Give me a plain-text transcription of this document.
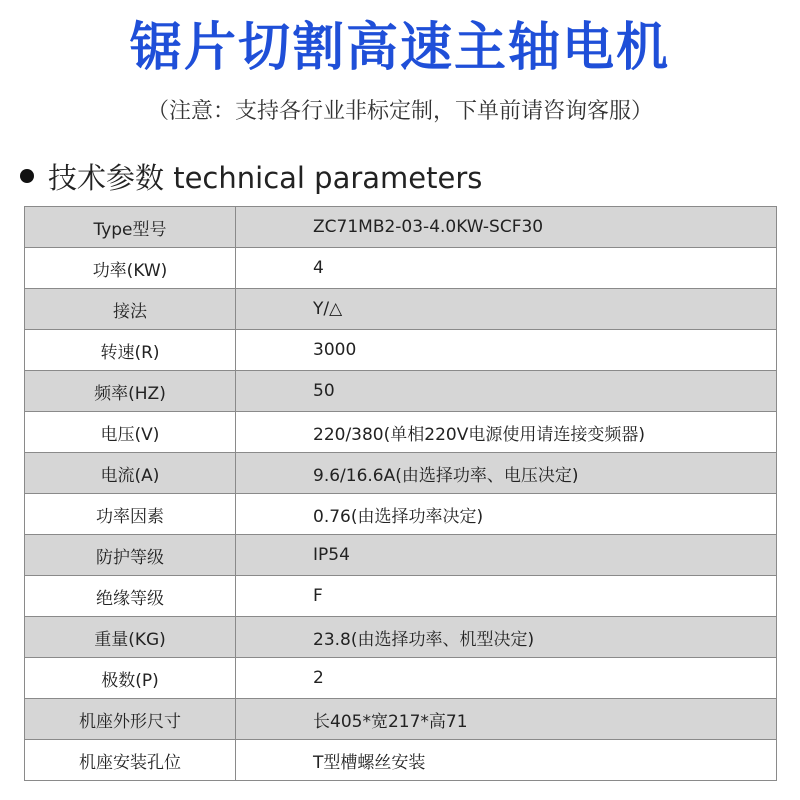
锯片切割高速主轴电机
（注意：支持各行业非标定制，下单前请咨询客服）
技术参数 technical parameters
Type型号	ZC71MB2-03-4.0KW-SCF30
功率(KW)	4
接法	Y/△
转速(R)	3000
频率(HZ)	50
电压(V)	220/380(单相220V电源使用请连接变频器)
电流(A)	9.6/16.6A(由选择功率、电压决定)
功率因素	0.76(由选择功率决定)
防护等级	IP54
绝缘等级	F
重量(KG)	23.8(由选择功率、机型决定)
极数(P)	2
机座外形尺寸	长405*宽217*高71
机座安装孔位	T型槽螺丝安装
